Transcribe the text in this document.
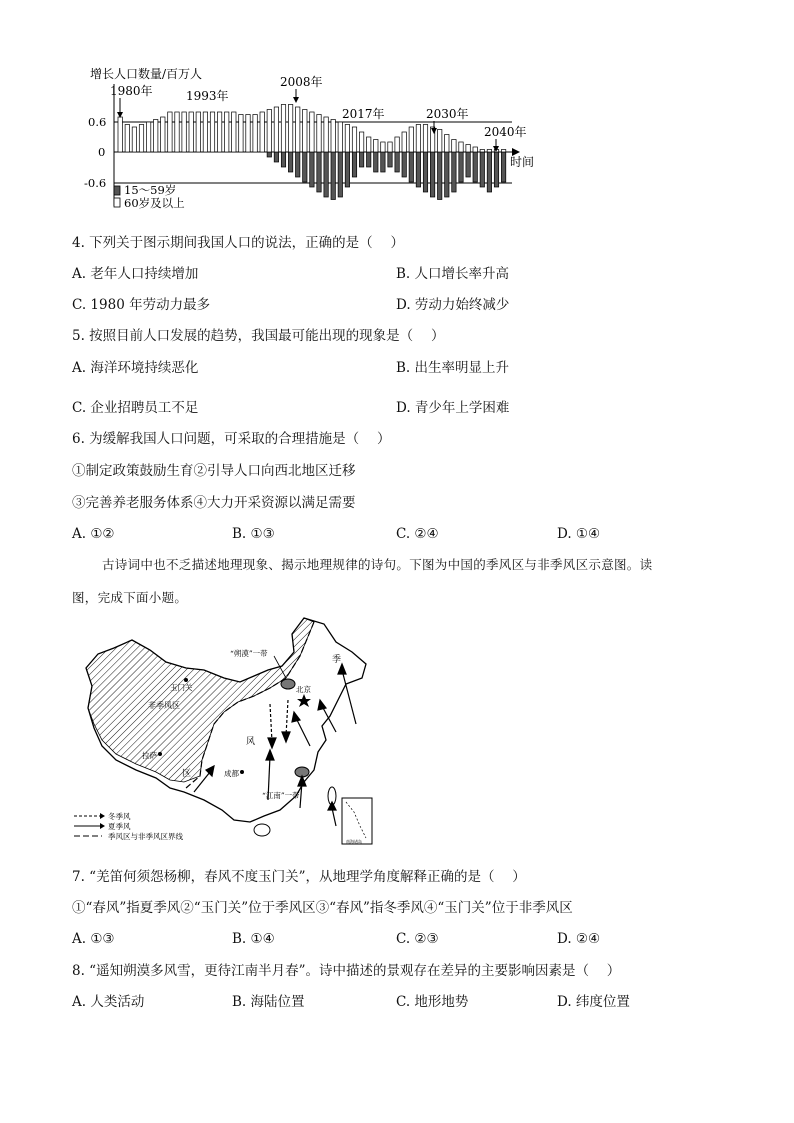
增长人口数量/百万人
时间
0.6
0
-0.6
1980年	1993年
2008年
2017年	2030年
2040年
15～59岁
60岁及以上
4. 下列关于图示期间我国人口的说法，正确的是（　 ）
A. 老年人口持续增加	B. 人口增长率升高
C. 1980 年劳动力最多	D. 劳动力始终减少
5. 按照目前人口发展的趋势，我国最可能出现的现象是（　 ）
A. 海洋环境持续恶化	B. 出生率明显上升
C. 企业招聘员工不足	D. 青少年上学困难
6. 为缓解我国人口问题，可采取的合理措施是（　 ）
①制定政策鼓励生育②引导人口向西北地区迁移
③完善养老服务体系④大力开采资源以满足需要
A. ①②	B. ①③	C. ②④	D. ①④
古诗词中也不乏描述地理现象、揭示地理规律的诗句。下图为中国的季风区与非季风区示意图。读
图，完成下面小题。
南海诸岛
“朔漠”一带
季
玉门关
非季风区
北京
拉萨
风
成都
区
“江南”一带
冬季风
夏季风
季风区与非季风区界线
7. “羌笛何须怨杨柳，春风不度玉门关”，从地理学角度解释正确的是（　 ）
①“春风”指夏季风②“玉门关”位于季风区③“春风”指冬季风④“玉门关”位于非季风区
A. ①③	B. ①④	C. ②③	D. ②④
8. “遥知朔漠多风雪，更待江南半月春”。诗中描述的景观存在差异的主要影响因素是（　 ）
A. 人类活动	B. 海陆位置	C. 地形地势	D. 纬度位置
